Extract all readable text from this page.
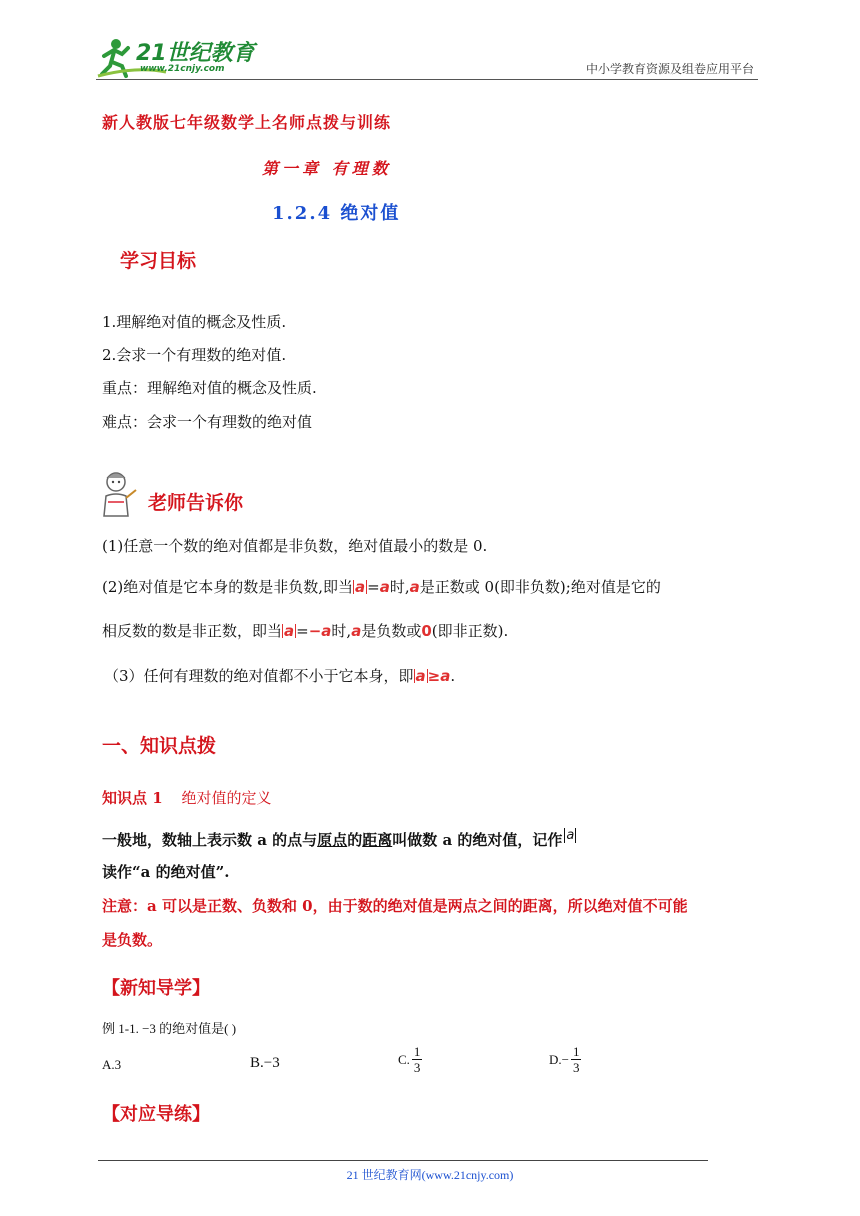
21世纪教育
www.21cnjy.com	中小学教育资源及组卷应用平台
新人教版七年级数学上名师点拨与训练
第一章 有理数
1.2.4 绝对值
学习目标
1.理解绝对值的概念及性质.
2.会求一个有理数的绝对值.
重点：理解绝对值的概念及性质.
难点：会求一个有理数的绝对值
老师告诉你
(1)任意一个数的绝对值都是非负数，绝对值最小的数是 0.
(2)绝对值是它本身的数是非负数,即当 a =a时,a是正数或 0(即非负数);绝对值是它的
相反数的数是非正数，即当 a =−a时,a是负数或0(即非正数).
（3）任何有理数的绝对值都不小于它本身，即 a ≥a.
一、知识点拨
知识点 1 绝对值的定义
一般地，数轴上表示数 a 的点与原点的距离叫做数 a 的绝对值，记作 a
读作“a 的绝对值”.
注意：a 可以是正数、负数和 0，由于数的绝对值是两点之间的距离，所以绝对值不可能
是负数。
【新知导学】
例 1-1. −3 的绝对值是( )
A.3	B.−3	C. $\frac{1}{3}$	$D.- \frac{1}{3}$
【对应导练】
21 世纪教育网(www.21cnjy.com)
